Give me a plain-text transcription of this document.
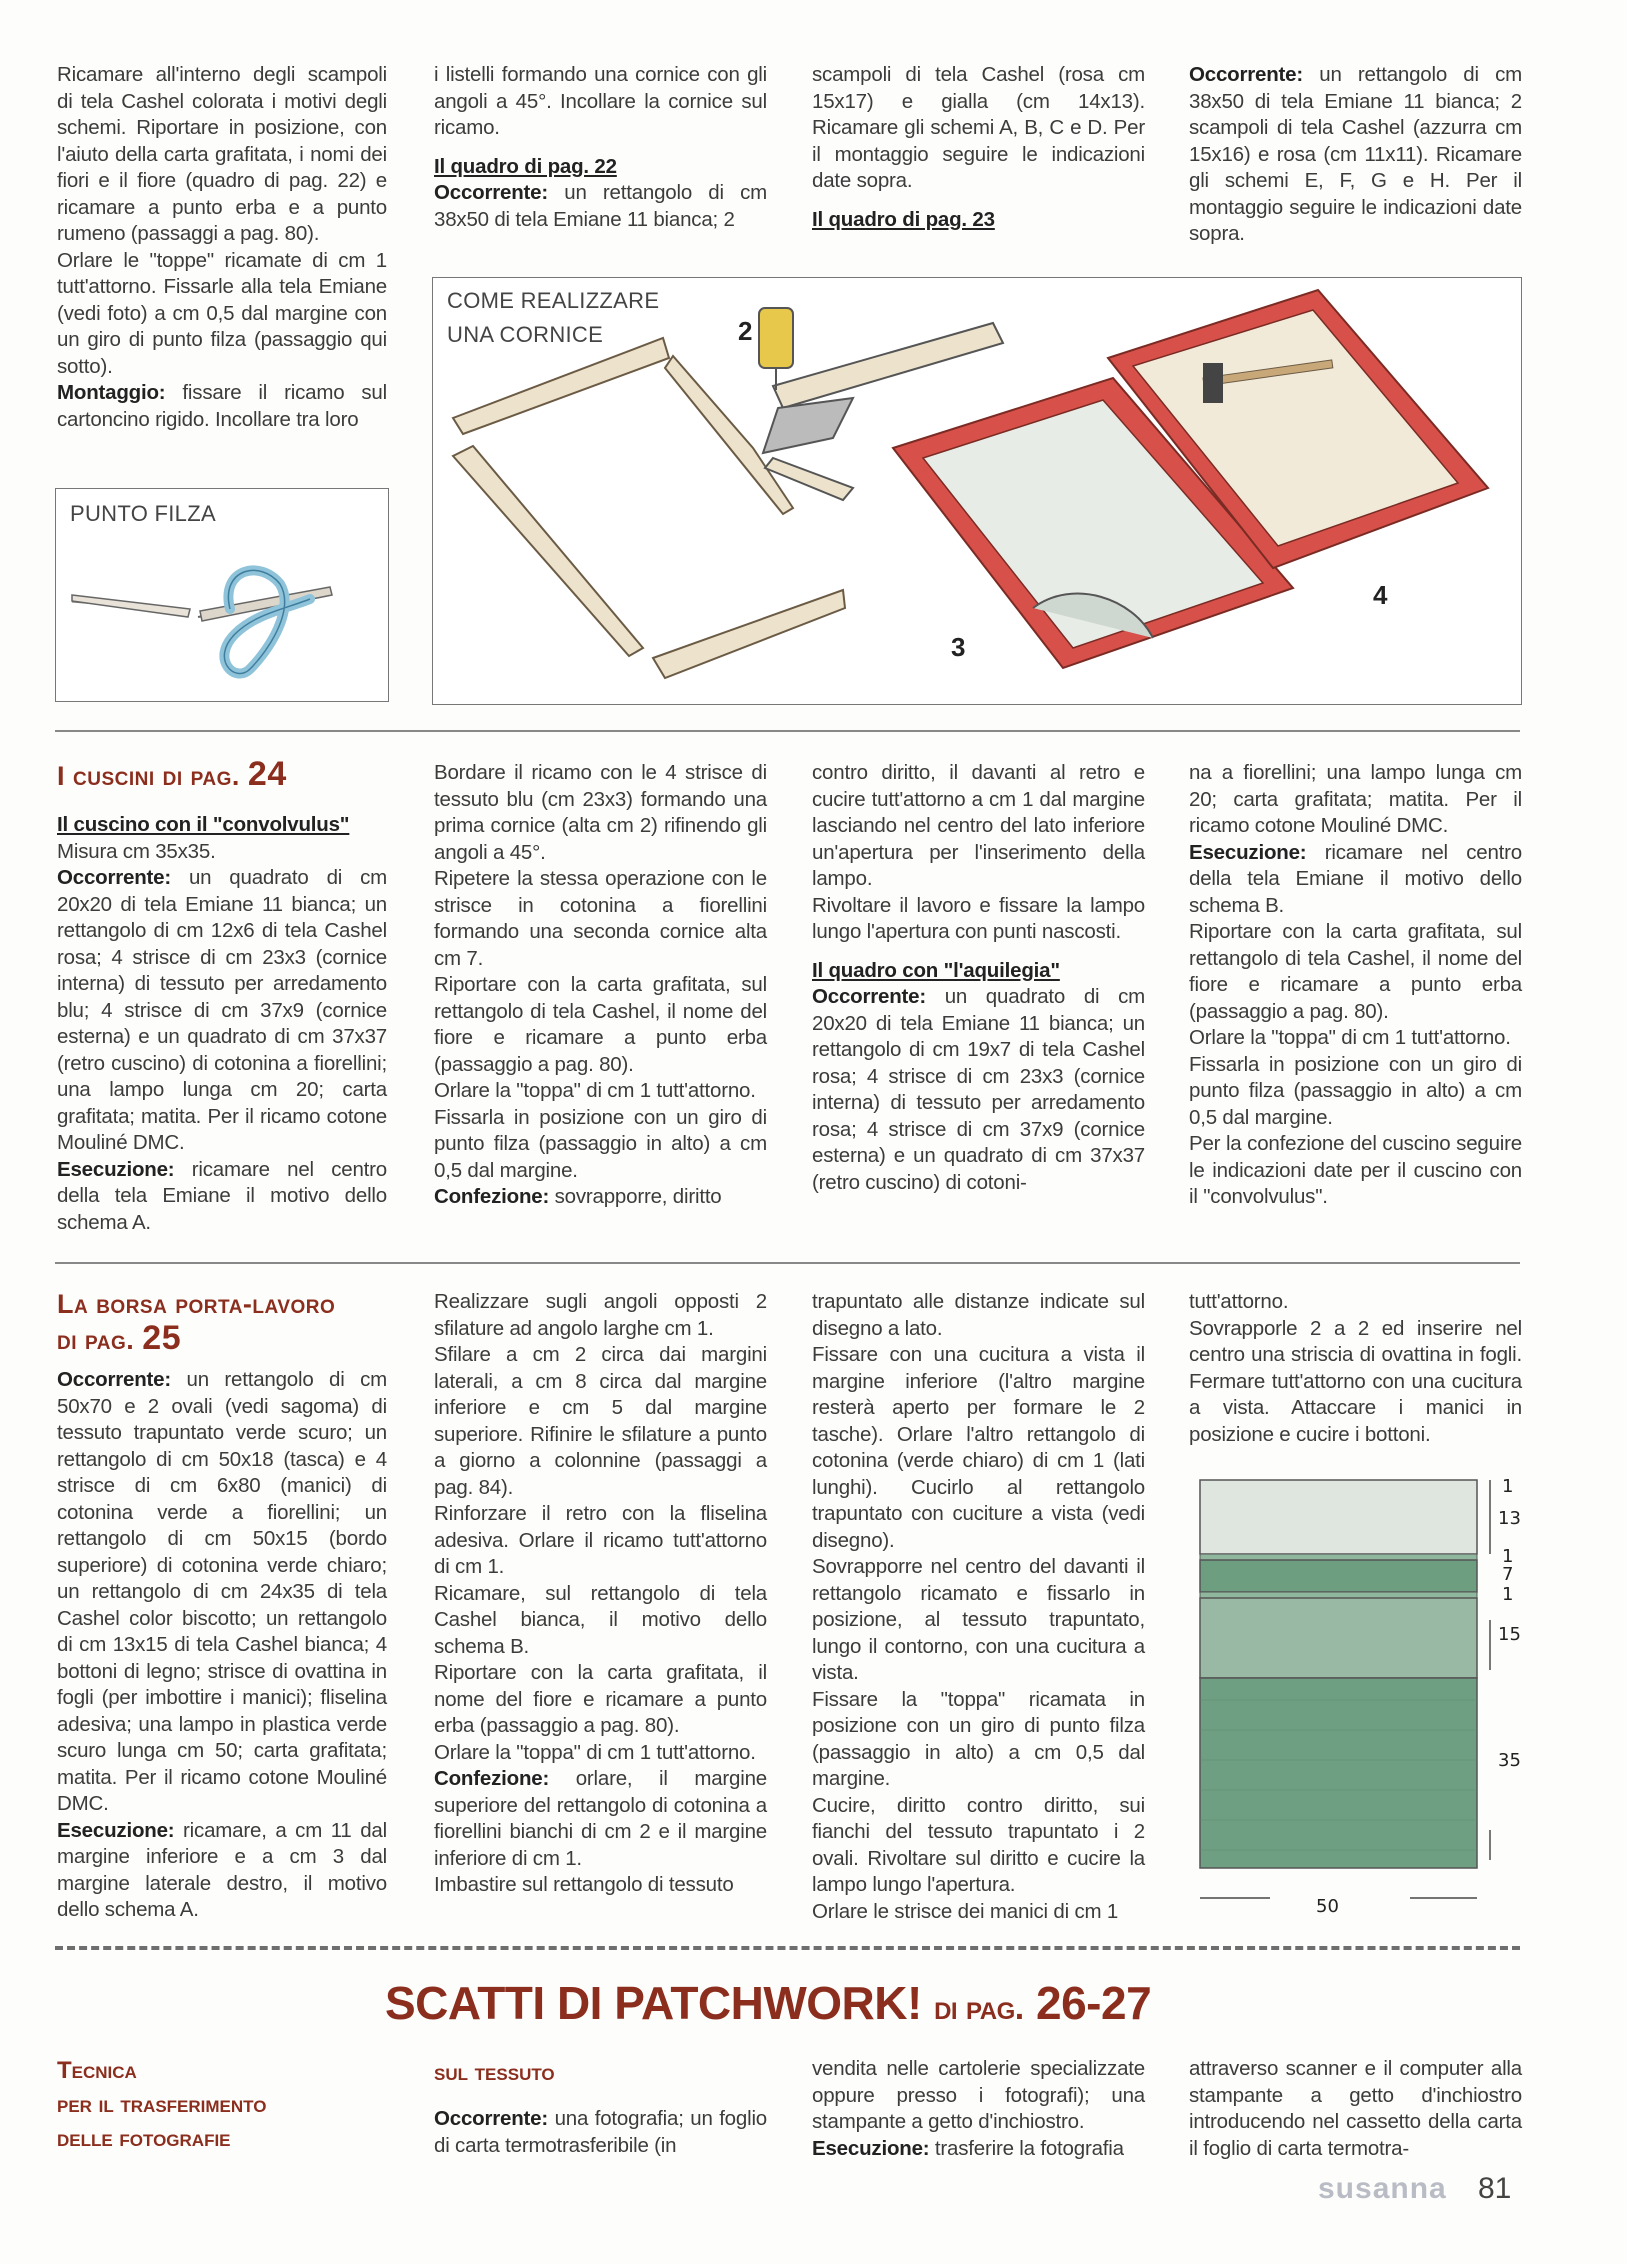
Ricamare all'interno degli scampoli di tela Cashel colorata i motivi degli schemi. Riportare in posizione, con l'aiuto della carta grafitata, i nomi dei fiori e il fiore (quadro di pag. 22) e ricamare a punto erba e a punto rumeno (passaggi a pag. 80).

Orlare le "toppe" ricamate di cm 1 tutt'attorno. Fissarle alla tela Emiane (vedi foto) a cm 0,5 dal margine con un giro di punto filza (passaggio qui sotto).

Montaggio: fissare il ricamo sul cartoncino rigido. Incollare tra loro

i listelli formando una cornice con gli angoli a 45°. Incollare la cornice sul ricamo.

Il quadro di pag. 22

Occorrente: un rettangolo di cm 38x50 di tela Emiane 11 bianca; 2

scampoli di tela Cashel (rosa cm 15x17) e gialla (cm 14x13). Ricamare gli schemi A, B, C e D. Per il montaggio seguire le indicazioni date sopra.

Il quadro di pag. 23

Occorrente: un rettangolo di cm 38x50 di tela Emiane 11 bianca; 2 scampoli di tela Cashel (azzurra cm 15x16) e rosa (cm 11x11). Ricamare gli schemi E, F, G e H. Per il montaggio seguire le indicazioni date sopra.

PUNTO FILZA
COME REALIZZARE
UNA CORNICE	2
3
4
I cuscini di pag. 24

Il cuscino con il "convolvulus"

Misura cm 35x35.

Occorrente: un quadrato di cm 20x20 di tela Emiane 11 bianca; un rettangolo di cm 12x6 di tela Cashel rosa; 4 strisce di cm 23x3 (cornice interna) di tessuto per arredamento blu; 4 strisce di cm 37x9 (cornice esterna) e un quadrato di cm 37x37 (retro cuscino) di cotonina a fiorellini; una lampo lunga cm 20; carta grafitata; matita. Per il ricamo cotone Mouliné DMC.

Esecuzione: ricamare nel centro della tela Emiane il motivo dello schema A.

Bordare il ricamo con le 4 strisce di tessuto blu (cm 23x3) formando una prima cornice (alta cm 2) rifinendo gli angoli a 45°.

Ripetere la stessa operazione con le strisce in cotonina a fiorellini formando una seconda cornice alta cm 7.

Riportare con la carta grafitata, sul rettangolo di tela Cashel, il nome del fiore e ricamare a punto erba (passaggio a pag. 80).

Orlare la "toppa" di cm 1 tutt'attorno.

Fissarla in posizione con un giro di punto filza (passaggio in alto) a cm 0,5 dal margine.

Confezione: sovrapporre, diritto

contro diritto, il davanti al retro e cucire tutt'attorno a cm 1 dal margine lasciando nel centro del lato inferiore un'apertura per l'inserimento della lampo.

Rivoltare il lavoro e fissare la lampo lungo l'apertura con punti nascosti.

Il quadro con "l'aquilegia"

Occorrente: un quadrato di cm 20x20 di tela Emiane 11 bianca; un rettangolo di cm 19x7 di tela Cashel rosa; 4 strisce di cm 23x3 (cornice interna) di tessuto per arredamento rosa; 4 strisce di cm 37x9 (cornice esterna) e un quadrato di cm 37x37 (retro cuscino) di cotoni-

na a fiorellini; una lampo lunga cm 20; carta grafitata; matita. Per il ricamo cotone Mouliné DMC.

Esecuzione: ricamare nel centro della tela Emiane il motivo dello schema B.

Riportare con la carta grafitata, sul rettangolo di tela Cashel, il nome del fiore e ricamare a punto erba (passaggio a pag. 80).

Orlare la "toppa" di cm 1 tutt'attorno.

Fissarla in posizione con un giro di punto filza (passaggio in alto) a cm 0,5 dal margine.

Per la confezione del cuscino seguire le indicazioni date per il cuscino con il "convolvulus".

La borsa porta-lavoro
di pag. 25

Occorrente: un rettangolo di cm 50x70 e 2 ovali (vedi sagoma) di tessuto trapuntato verde scuro; un rettangolo di cm 50x18 (tasca) e 4 strisce di cm 6x80 (manici) di cotonina verde a fiorellini; un rettangolo di cm 50x15 (bordo superiore) di cotonina verde chiaro; un rettangolo di cm 24x35 di tela Cashel color biscotto; un rettangolo di cm 13x15 di tela Cashel bianca; 4 bottoni di legno; strisce di ovattina in fogli (per imbottire i manici); fliselina adesiva; una lampo in plastica verde scuro lunga cm 50; carta grafitata; matita. Per il ricamo cotone Mouliné DMC.

Esecuzione: ricamare, a cm 11 dal margine inferiore e a cm 3 dal margine laterale destro, il motivo dello schema A.

Realizzare sugli angoli opposti 2 sfilature ad angolo larghe cm 1.

Sfilare a cm 2 circa dai margini laterali, a cm 8 circa dal margine inferiore e cm 5 dal margine superiore. Rifinire le sfilature a punto a giorno a colonnine (passaggi a pag. 84).

Rinforzare il retro con la fliselina adesiva. Orlare il ricamo tutt'attorno di cm 1.

Ricamare, sul rettangolo di tela Cashel bianca, il motivo dello schema B.

Riportare con la carta grafitata, il nome del fiore e ricamare a punto erba (passaggio a pag. 80).

Orlare la "toppa" di cm 1 tutt'attorno.

Confezione: orlare, il margine superiore del rettangolo di cotonina a fiorellini bianchi di cm 2 e il margine inferiore di cm 1.

Imbastire sul rettangolo di tessuto

trapuntato alle distanze indicate sul disegno a lato.

Fissare con una cucitura a vista il margine inferiore (l'altro margine resterà aperto per formare le 2 tasche). Orlare l'altro rettangolo di cotonina (verde chiaro) di cm 1 (lati lunghi). Cucirlo al rettangolo trapuntato con cuciture a vista (vedi disegno).

Sovrapporre nel centro del davanti il rettangolo ricamato e fissarlo in posizione, al tessuto trapuntato, lungo il contorno, con una cucitura a vista.

Fissare la "toppa" ricamata in posizione con un giro di punto filza (passaggio in alto) a cm 0,5 dal margine.

Cucire, diritto contro diritto, sui fianchi del tessuto trapuntato i 2 ovali. Rivoltare sul diritto e cucire la lampo lungo l'apertura.

Orlare le strisce dei manici di cm 1

tutt'attorno.

Sovrapporle 2 a 2 ed inserire nel centro una striscia di ovattina in fogli. Fermare tutt'attorno con una cucitura a vista. Attaccare i manici in posizione e cucire i bottoni.

1
13
1
7
1
15
35
50
SCATTI DI PATCHWORK! di pag. 26-27
Tecnica
per il trasferimento
delle fotografie
sul tessuto

Occorrente: una fotografia; un foglio di carta termotrasferibile (in

vendita nelle cartolerie specializzate oppure presso i fotografi); una stampante a getto d'inchiostro.

Esecuzione: trasferire la fotografia

attraverso scanner e il computer alla stampante a getto d'inchiostro introducendo nel cassetto della carta il foglio di carta termotra-

susanna 81
